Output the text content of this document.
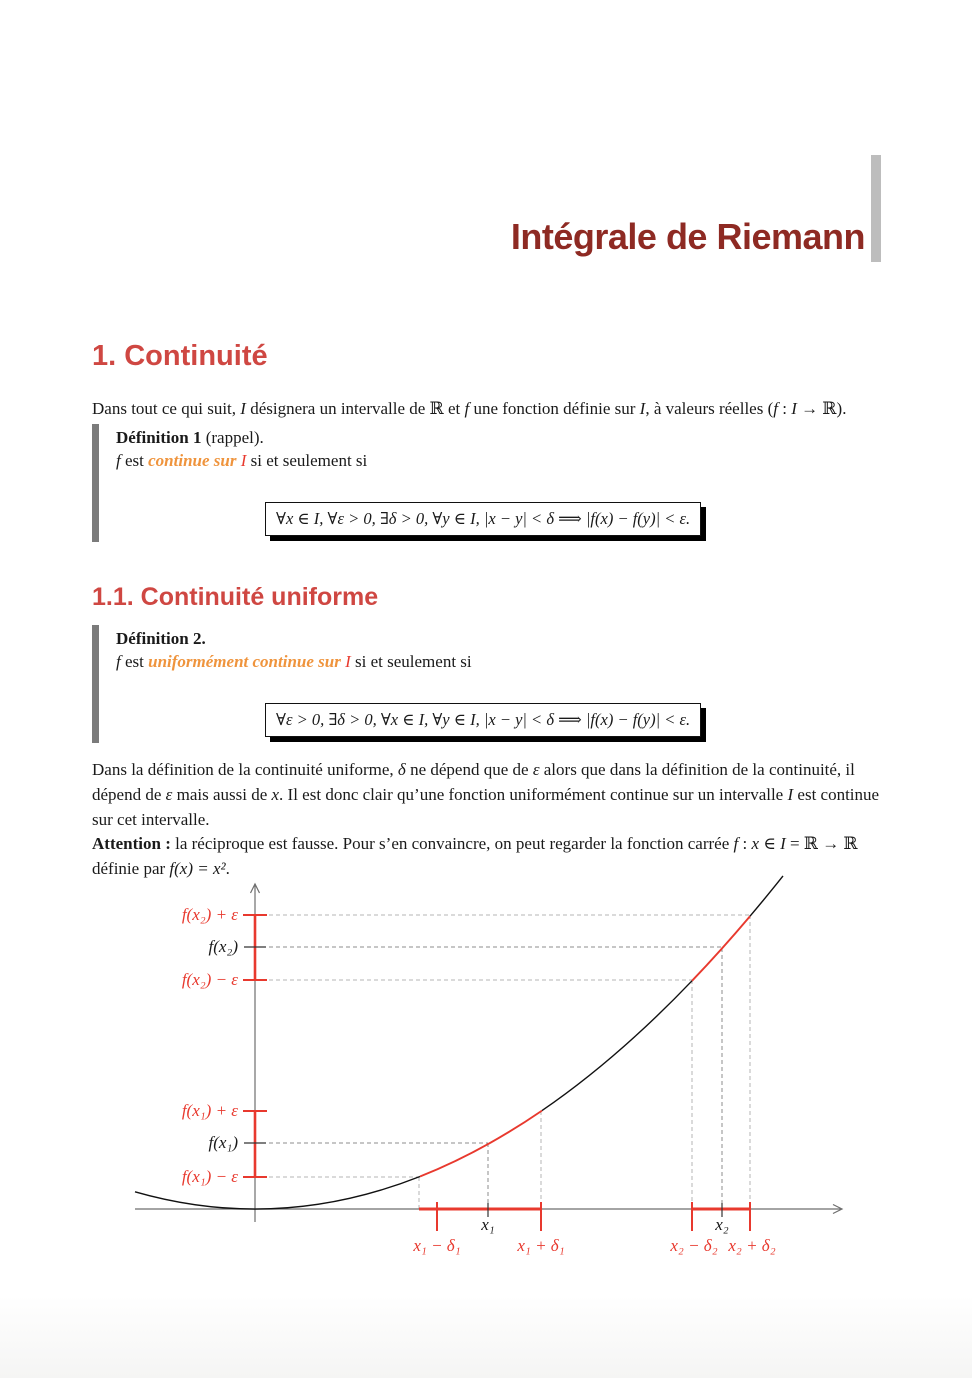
Intégrale de Riemann
1. Continuité

Dans tout ce qui suit, I désignera un intervalle de ℝ et f une fonction définie sur I, à valeurs réelles (f : I → ℝ).

Définition 1 (rappel).
f est continue sur I si et seulement si
∀x ∈ I, ∀ε > 0, ∃δ > 0, ∀y ∈ I, |x − y| < δ ⟹ |f(x) − f(y)| < ε.
1.1. Continuité uniforme
Définition 2.
f est uniformément continue sur I si et seulement si
∀ε > 0, ∃δ > 0, ∀x ∈ I, ∀y ∈ I, |x − y| < δ ⟹ |f(x) − f(y)| < ε.

Dans la définition de la continuité uniforme, δ ne dépend que de ε alors que dans la définition de la continuité, il dépend de ε mais aussi de x. Il est donc clair qu’une fonction uniformément continue sur un intervalle I est continue sur cet intervalle.

Attention : la réciproque est fausse. Pour s’en convaincre, on peut regarder la fonction carrée f : x ∈ I = ℝ → ℝ définie par f(x) = x².

f(x₂) + ε
f(x₂)
f(x₂) − ε
f(x₁) + ε
f(x₁)
f(x₁) − ε
x₁
x₁ − δ₁	x₁ + δ₁
x₂
x₂ − δ₂ x₂ + δ₂
